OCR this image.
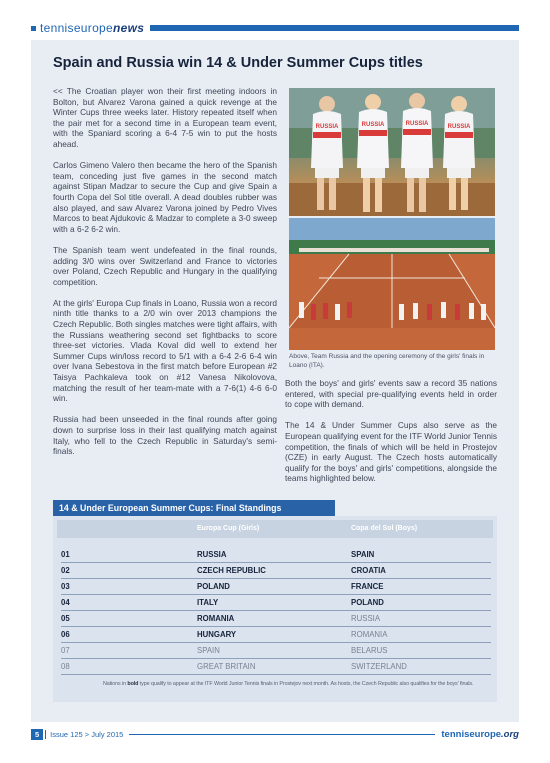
tenniseuropenews
Spain and Russia win 14 & Under Summer Cups titles

<< The Croatian player won their first meeting indoors in Bolton, but Alvarez Varona gained a quick revenge at the Winter Cups three weeks later. History repeated itself when the pair met for a second time in a European team event, with the Spaniard scoring a 6-4 7-5 win to put the hosts ahead.

Carlos Gimeno Valero then became the hero of the Spanish team, conceding just five games in the second match against Stipan Madzar to secure the Cup and give Spain a fourth Copa del Sol title overall. A dead doubles rubber was also played, and saw Alvarez Varona joined by Pedro Vives Marcos to beat Ajdukovic & Madzar to complete a 3-0 sweep with a 6-2 6-2 win.

The Spanish team went undefeated in the final rounds, adding 3/0 wins over Switzerland and France to victories over Poland, Czech Republic and Hungary in the qualifying competition.

At the girls' Europa Cup finals in Loano, Russia won a record ninth title thanks to a 2/0 win over 2013 champions the Czech Republic. Both singles matches were tight affairs, with the Russians weathering second set fightbacks to score three-set victories. Vlada Koval did well to extend her Summer Cups win/loss record to 5/1 with a 6-4 2-6 6-4 win over Ivana Sebestova in the first match before European #2 Taisya Pachkaleva took on #12 Vanesa Nikolovova, matching the result of her team-mate with a 7-6(1) 4-6 6-0 win.

Russia had been unseeded in the final rounds after going down to surprise loss in their last qualifying match against Italy, who fell to the Czech Republic in Saturday's semi-finals.

RUSSIA	RUSSIA	RUSSIA	RUSSIA
Above, Team Russia and the opening ceremony of the girls' finals in Loano (ITA).

Both the boys' and girls' events saw a record 35 nations entered, with special pre-qualifying events held in order to cope with demand.

The 14 & Under Summer Cups also serve as the European qualifying event for the ITF World Junior Tennis competition, the finals of which will be held in Prostejov (CZE) in early August. The Czech hosts automatically qualify for the boys' and girls' competitions, alongside the teams highlighted below.

14 & Under European Summer Cups: Final Standings
Europa Cup (Girls)	Copa del Sol (Boys)
01	RUSSIA	SPAIN
02	CZECH REPUBLIC	CROATIA
03	POLAND	FRANCE
04	ITALY	POLAND
05	ROMANIA	RUSSIA
06	HUNGARY	ROMANIA
07	SPAIN	BELARUS
08	GREAT BRITAIN	SWITZERLAND
Nations in bold type qualify to appear at the ITF World Junior Tennis finals in Prostejov next month. As hosts, the Czech Republic also qualifies for the boys' finals.
5	Issue 125 > July 2015	tenniseurope.org
